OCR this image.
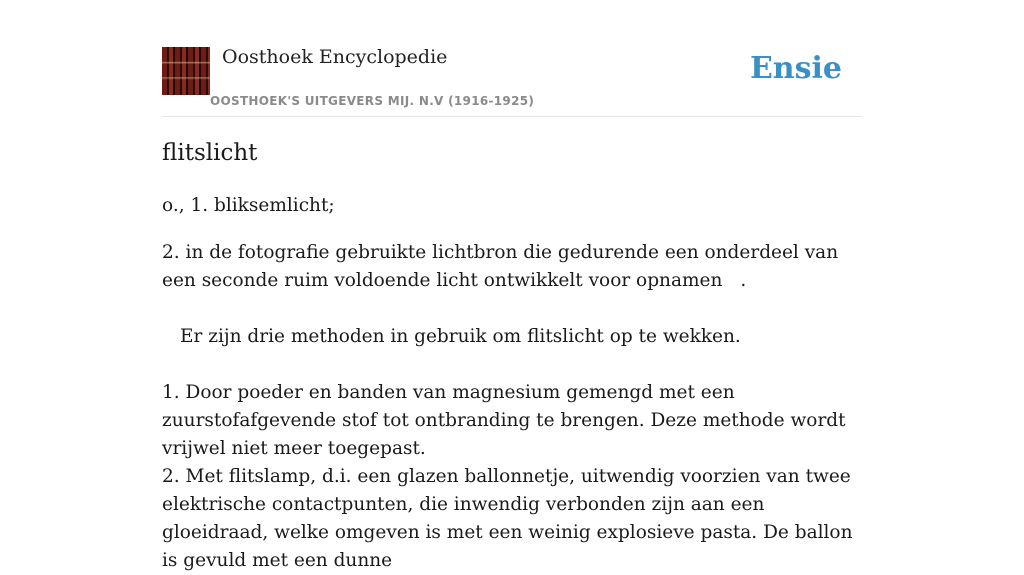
Oosthoek Encyclopedie
OOSTHOEK'S UITGEVERS MIJ. N.V (1916-1925)
Ensie
flitslicht

o., 1. bliksemlicht;

2. in de fotografie gebruikte lichtbron die gedurende een onderdeel van een seconde ruim voldoende licht ontwikkelt voor opnamen .

Er zijn drie methoden in gebruik om flitslicht op te wekken.

1. Door poeder en banden van magnesium gemengd met een zuurstofafgevende stof tot ontbranding te brengen. Deze methode wordt vrijwel niet meer toegepast.

2. Met flitslamp, d.i. een glazen ballonnetje, uitwendig voorzien van twee elektrische contactpunten, die inwendig verbonden zijn aan een gloeidraad, welke omgeven is met een weinig explosieve pasta. De ballon is gevuld met een dunne
